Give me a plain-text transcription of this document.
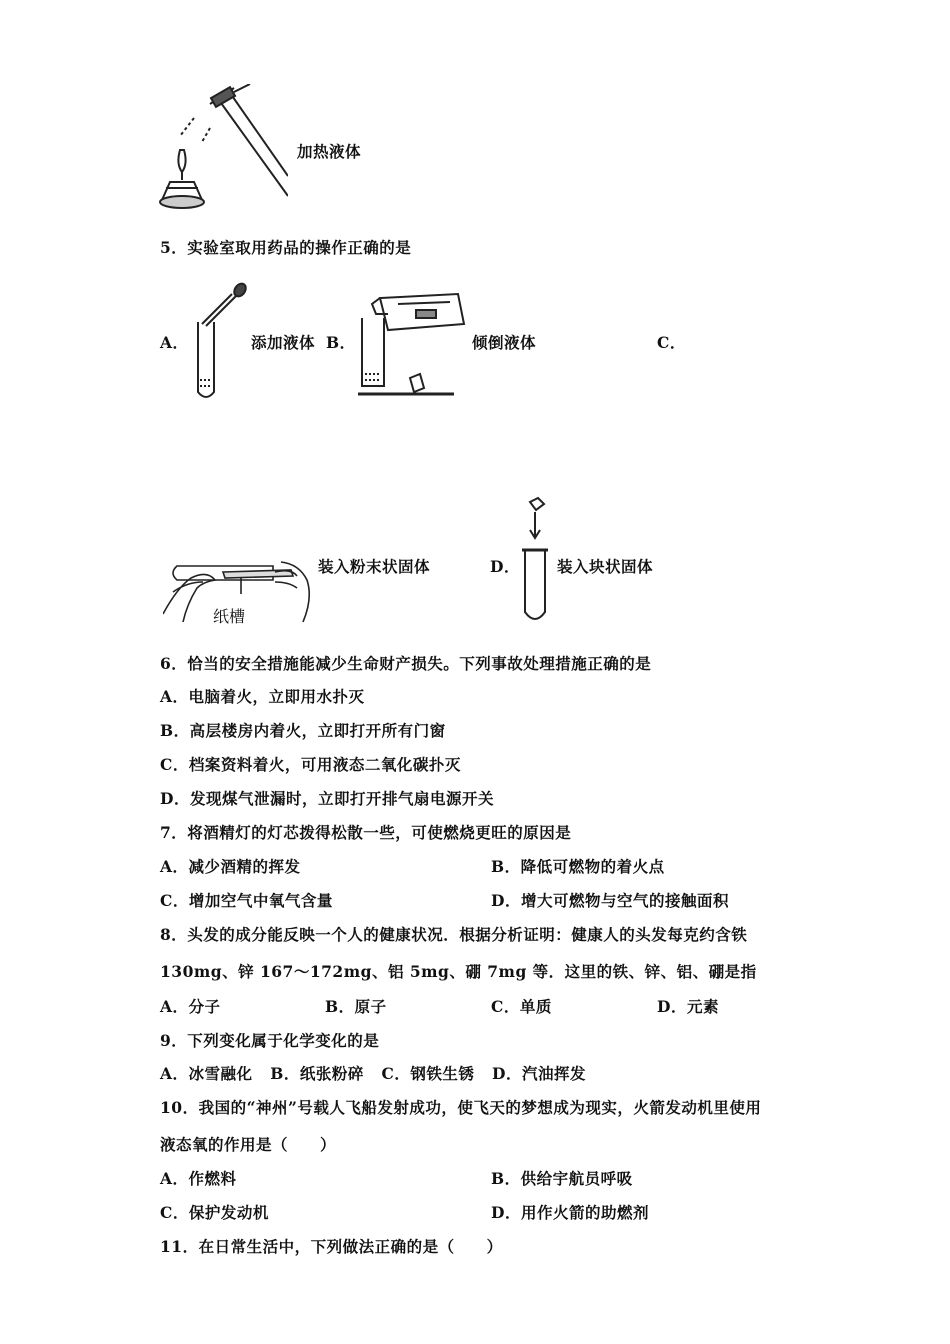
加热液体
5．实验室取用药品的操作正确的是
A．	添加液体 B．	倾倒液体	C．
纸槽
装入粉末状固体	D． 装入块状固体
6．恰当的安全措施能减少生命财产损失。下列事故处理措施正确的是
A．电脑着火，立即用水扑灭
B．高层楼房内着火，立即打开所有门窗
C．档案资料着火，可用液态二氧化碳扑灭
D．发现煤气泄漏时，立即打开排气扇电源开关
7．将酒精灯的灯芯拨得松散一些，可使燃烧更旺的原因是
A．减少酒精的挥发	B．降低可燃物的着火点
C．增加空气中氧气含量	D．增大可燃物与空气的接触面积
8．头发的成分能反映一个人的健康状况．根据分析证明：健康人的头发每克约含铁
130mg、锌 167～172mg、铝 5mg、硼 7mg 等．这里的铁、锌、铝、硼是指
A．分子	B．原子	C．单质	D．元素
9．下列变化属于化学变化的是
A．冰雪融化   B．纸张粉碎   C．钢铁生锈   D．汽油挥发
10．我国的“神州”号载人飞船发射成功，使飞天的梦想成为现实，火箭发动机里使用
液态氧的作用是（　　）
A．作燃料	B．供给宇航员呼吸
C．保护发动机	D．用作火箭的助燃剂
11．在日常生活中，下列做法正确的是（　　）
